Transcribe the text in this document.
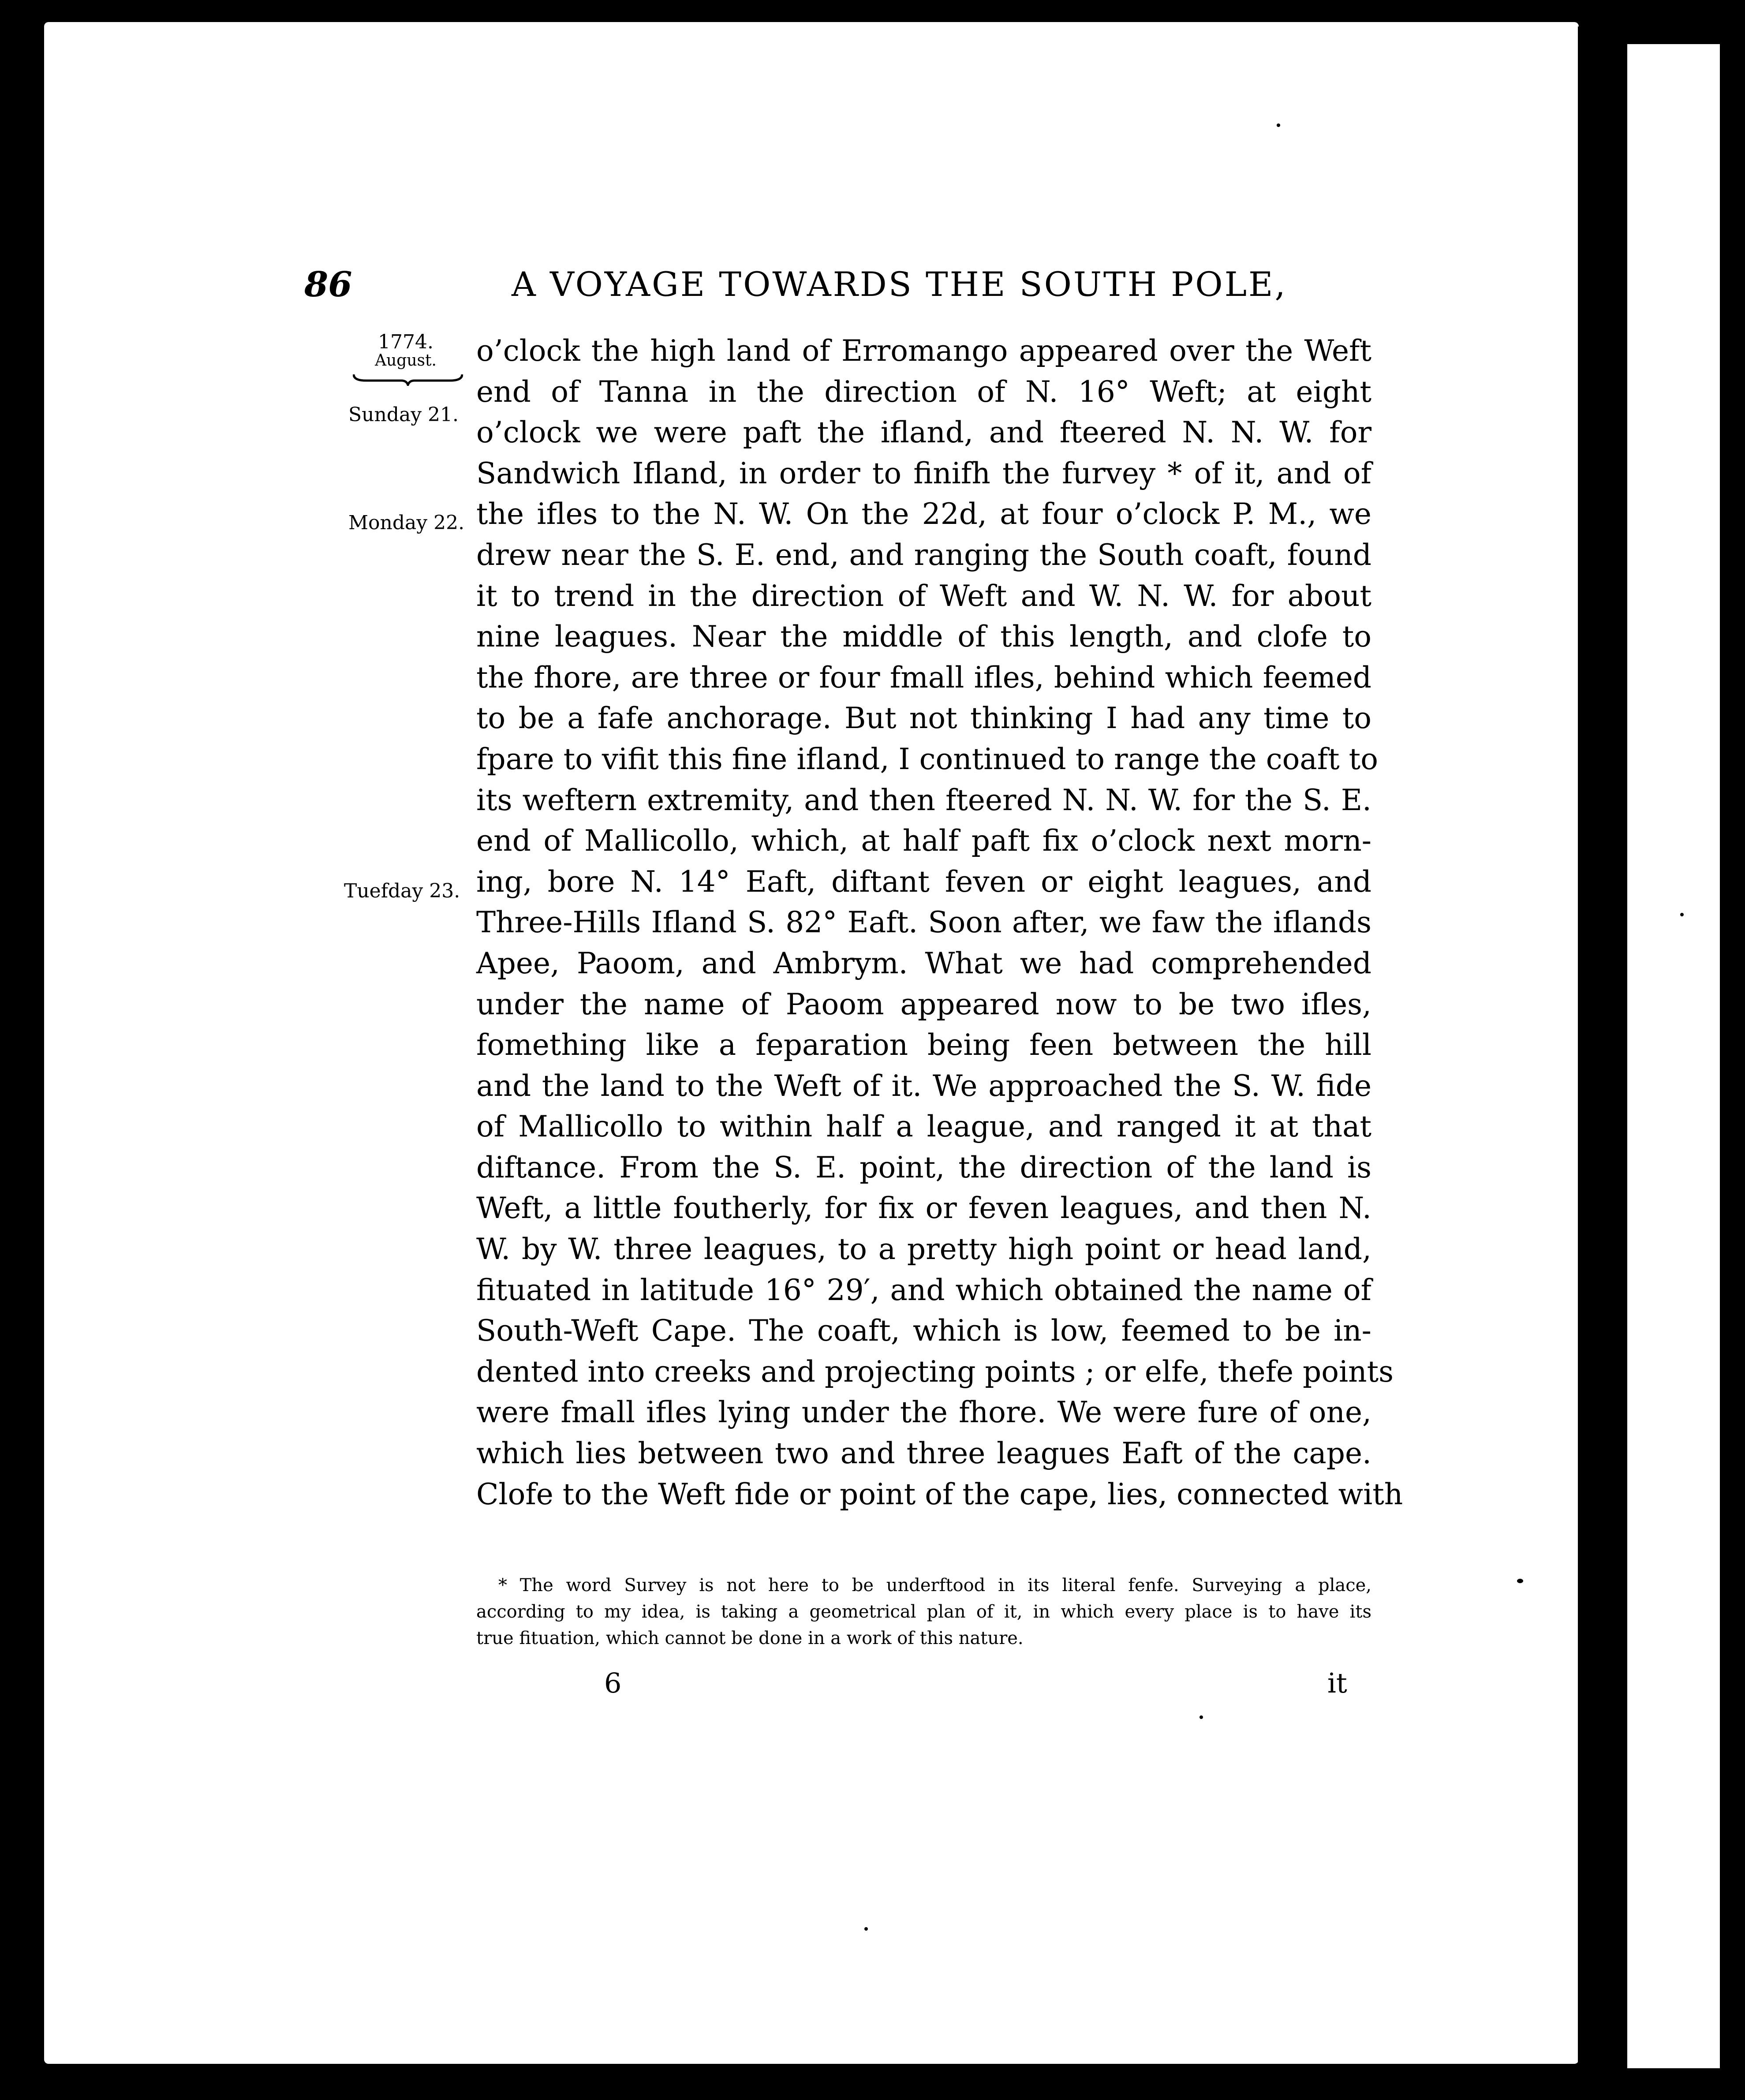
86	A VOYAGE TOWARDS THE SOUTH POLE,
1774.
August.
Sunday 21.
Monday 22.
Tuefday 23.
o’clock the high land of Erromango appeared over the Weft
end of Tanna in the direction of N. 16° Weft; at eight
o’clock we were paft the ifland, and fteered N. N. W. for
Sandwich Ifland, in order to finifh the furvey * of it, and of
the ifles to the N. W. On the 22d, at four o’clock P. M., we
drew near the S. E. end, and ranging the South coaft, found
it to trend in the direction of Weft and W. N. W. for about
nine leagues. Near the middle of this length, and clofe to
the fhore, are three or four fmall ifles, behind which feemed
to be a fafe anchorage. But not thinking I had any time to
fpare to vifit this fine ifland, I continued to range the coaft to
its weftern extremity, and then fteered N. N. W. for the S. E.
end of Mallicollo, which, at half paft fix o’clock next morn-
ing, bore N. 14° Eaft, diftant feven or eight leagues, and
Three-Hills Ifland S. 82° Eaft. Soon after, we faw the iflands
Apee, Paoom, and Ambrym. What we had comprehended
under the name of Paoom appeared now to be two ifles,
fomething like a feparation being feen between the hill
and the land to the Weft of it. We approached the S. W. fide
of Mallicollo to within half a league, and ranged it at that
diftance. From the S. E. point, the direction of the land is
Weft, a little foutherly, for fix or feven leagues, and then N.
W. by W. three leagues, to a pretty high point or head land,
fituated in latitude 16° 29′, and which obtained the name of
South-Weft Cape. The coaft, which is low, feemed to be in-
dented into creeks and projecting points ; or elfe, thefe points
were fmall ifles lying under the fhore. We were fure of one,
which lies between two and three leagues Eaft of the cape.
Clofe to the Weft fide or point of the cape, lies, connected with
* The word Survey is not here to be underftood in its literal fenfe. Surveying a place,
according to my idea, is taking a geometrical plan of it, in which every place is to have its
true fituation, which cannot be done in a work of this nature.
6	it
